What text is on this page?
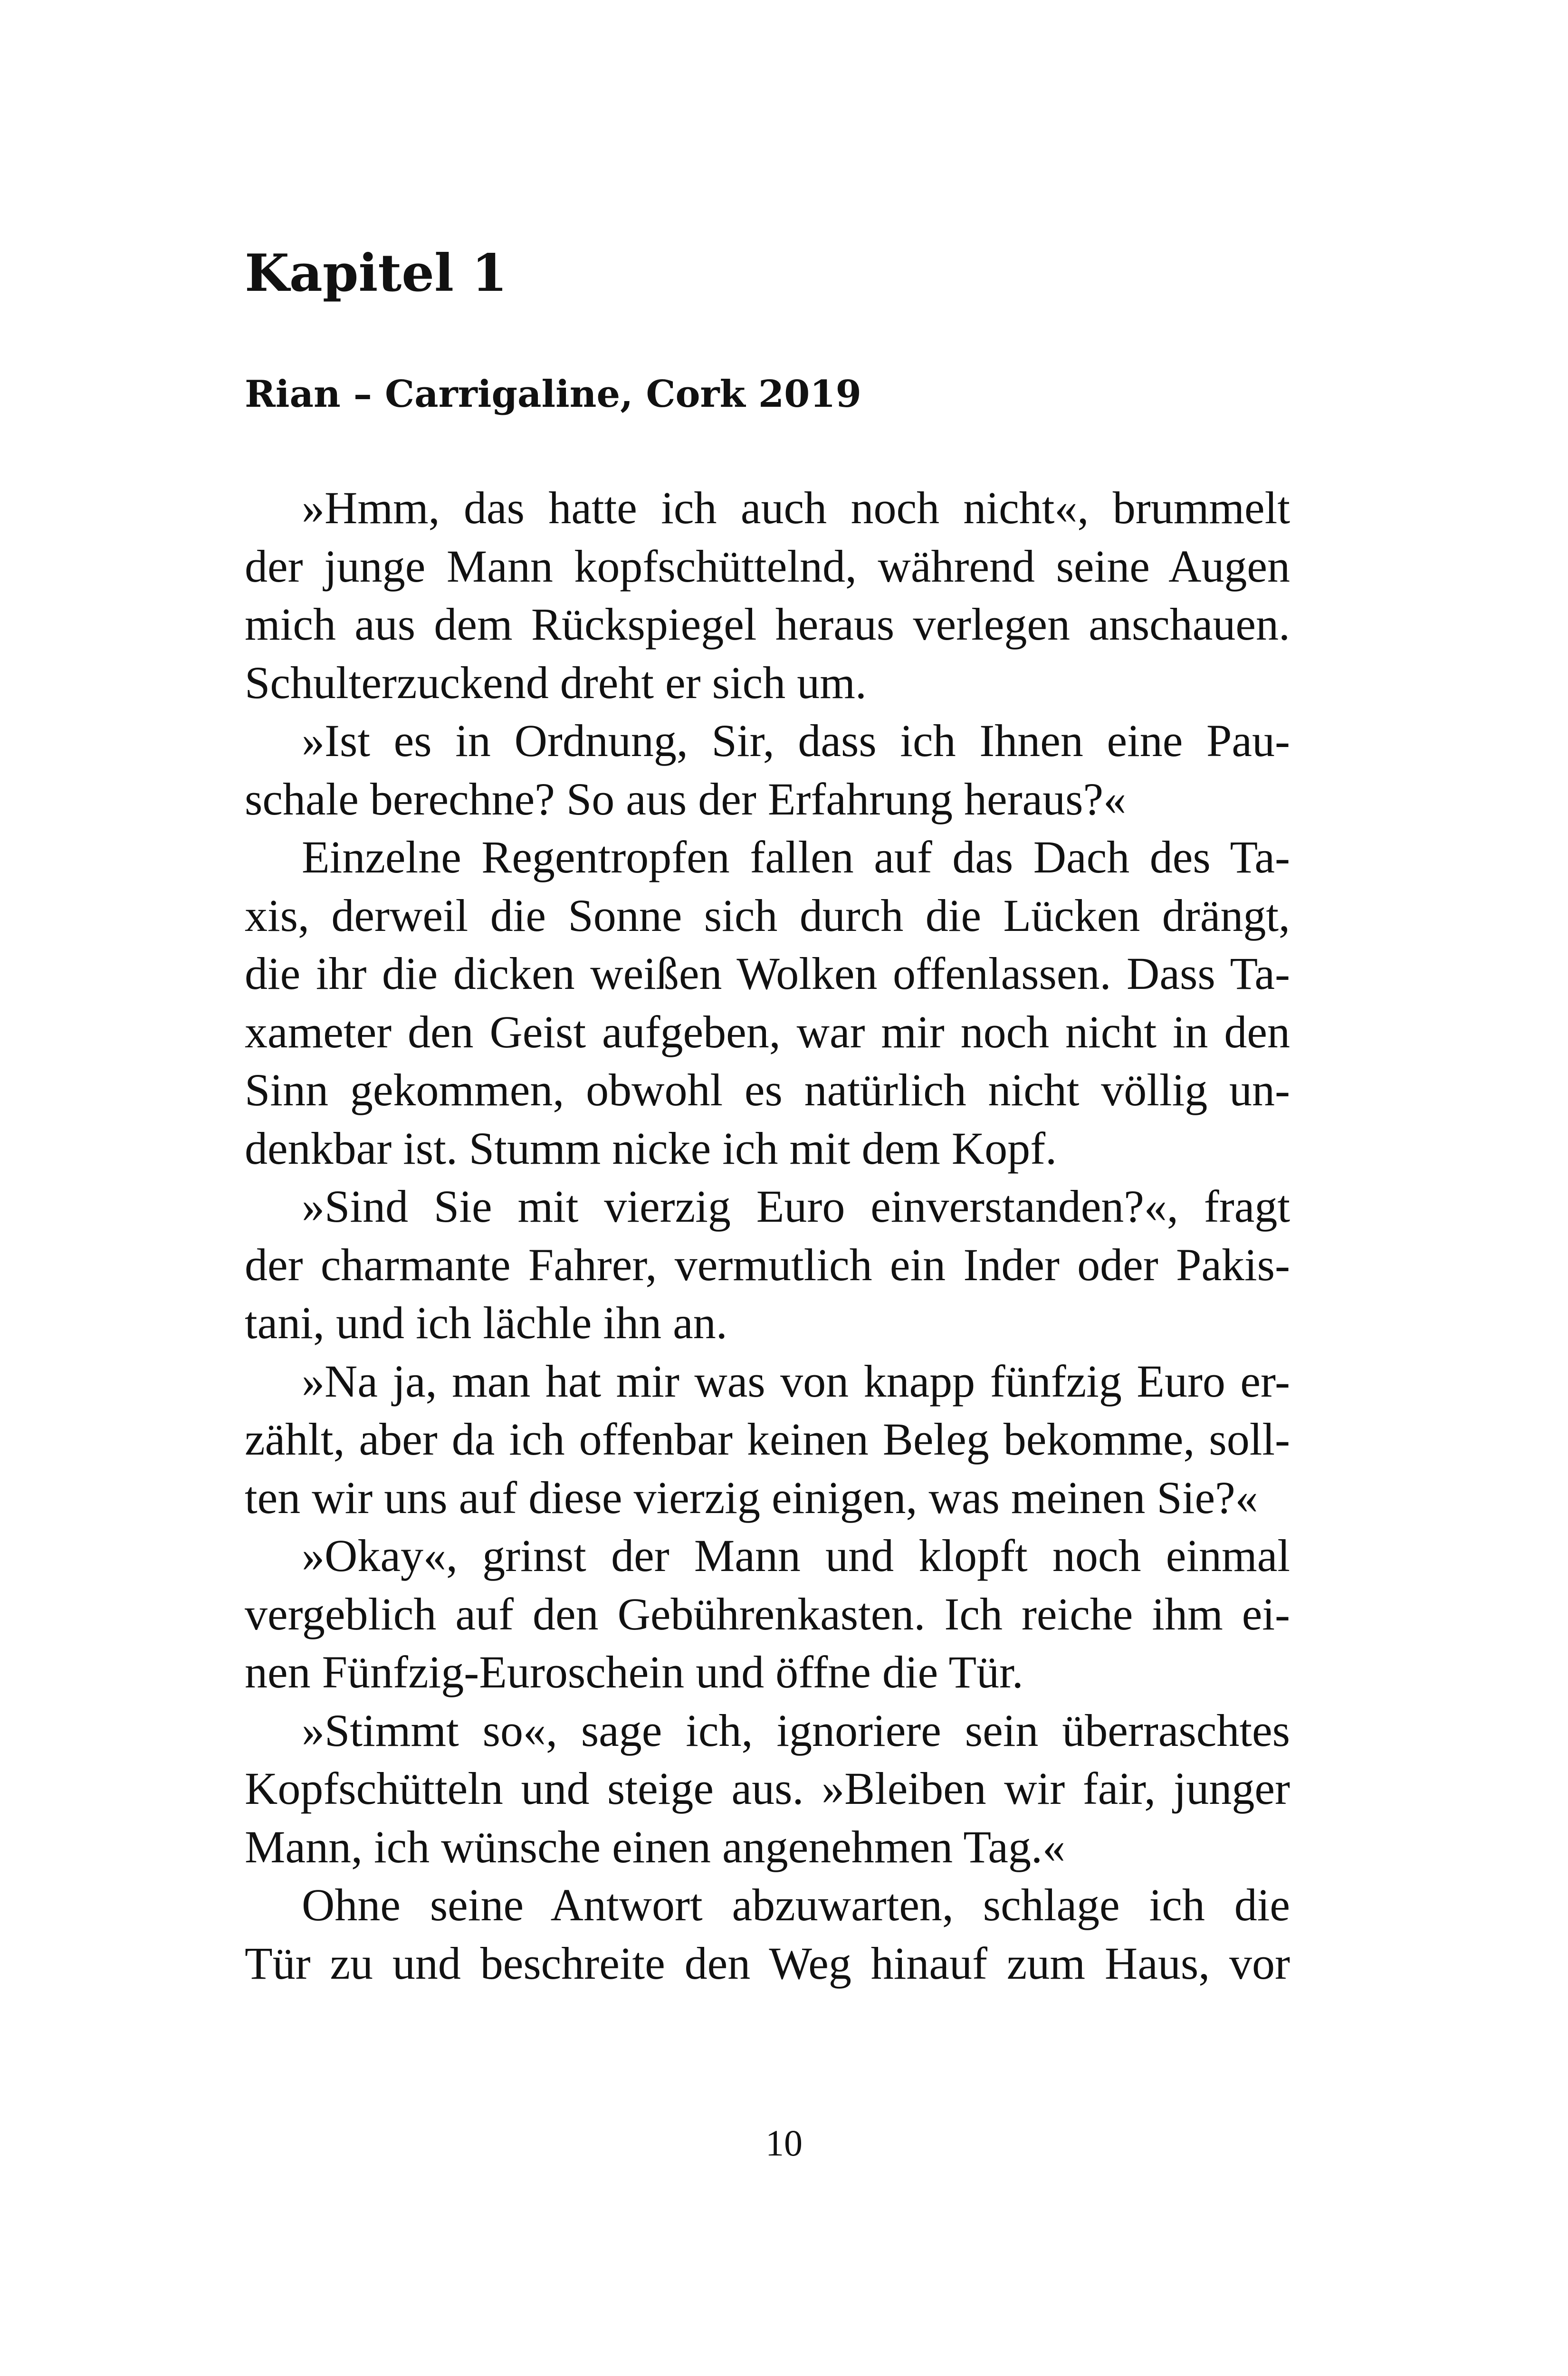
Kapitel 1
Rian – Carrigaline, Cork 2019
»Hmm, das hatte ich auch noch nicht«, brummelt
der junge Mann kopfschüttelnd, während seine Augen
mich aus dem Rückspiegel heraus verlegen anschauen.
Schulterzuckend dreht er sich um.
»Ist es in Ordnung, Sir, dass ich Ihnen eine Pau-
schale berechne? So aus der Erfahrung heraus?«
Einzelne Regentropfen fallen auf das Dach des Ta-
xis, derweil die Sonne sich durch die Lücken drängt,
die ihr die dicken weißen Wolken offenlassen. Dass Ta-
xameter den Geist aufgeben, war mir noch nicht in den
Sinn gekommen, obwohl es natürlich nicht völlig un-
denkbar ist. Stumm nicke ich mit dem Kopf.
»Sind Sie mit vierzig Euro einverstanden?«, fragt
der charmante Fahrer, vermutlich ein Inder oder Pakis-
tani, und ich lächle ihn an.
»Na ja, man hat mir was von knapp fünfzig Euro er-
zählt, aber da ich offenbar keinen Beleg bekomme, soll-
ten wir uns auf diese vierzig einigen, was meinen Sie?«
»Okay«, grinst der Mann und klopft noch einmal
vergeblich auf den Gebührenkasten. Ich reiche ihm ei-
nen Fünfzig-Euroschein und öffne die Tür.
»Stimmt so«, sage ich, ignoriere sein überraschtes
Kopfschütteln und steige aus. »Bleiben wir fair, junger
Mann, ich wünsche einen angenehmen Tag.«
Ohne seine Antwort abzuwarten, schlage ich die
Tür zu und beschreite den Weg hinauf zum Haus, vor
10
